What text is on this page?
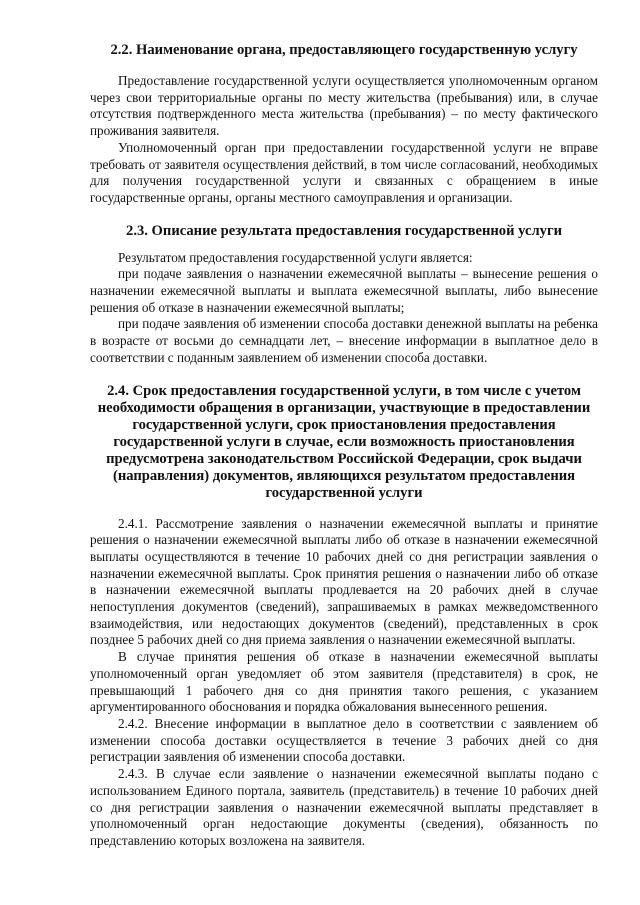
2.2. Наименование органа, предоставляющего государственную услугу

Предоставление государственной услуги осуществляется уполномоченным органом через свои территориальные органы по месту жительства (пребывания) или, в случае отсутствия подтвержденного места жительства (пребывания) – по месту фактического проживания заявителя.

Уполномоченный орган при предоставлении государственной услуги не вправе требовать от заявителя осуществления действий, в том числе согласований, необходимых для получения государственной услуги и связанных с обращением в иные государственные органы, органы местного самоуправления и организации.

2.3. Описание результата предоставления государственной услуги

Результатом предоставления государственной услуги является:

при подаче заявления о назначении ежемесячной выплаты – вынесение решения о назначении ежемесячной выплаты и выплата ежемесячной выплаты, либо вынесение решения об отказе в назначении ежемесячной выплаты;

при подаче заявления об изменении способа доставки денежной выплаты на ребенка в возрасте от восьми до семнадцати лет, – внесение информации в выплатное дело в соответствии с поданным заявлением об изменении способа доставки.

2.4. Срок предоставления государственной услуги, в том числе с учетом необходимости обращения в организации, участвующие в предоставлении государственной услуги, срок приостановления предоставления государственной услуги в случае, если возможность приостановления предусмотрена законодательством Российской Федерации, срок выдачи (направления) документов, являющихся результатом предоставления государственной услуги

2.4.1. Рассмотрение заявления о назначении ежемесячной выплаты и принятие решения о назначении ежемесячной выплаты либо об отказе в назначении ежемесячной выплаты осуществляются в течение 10 рабочих дней со дня регистрации заявления о назначении ежемесячной выплаты. Срок принятия решения о назначении либо об отказе в назначении ежемесячной выплаты продлевается на 20 рабочих дней в случае непоступления документов (сведений), запрашиваемых в рамках межведомственного взаимодействия, или недостающих документов (сведений), представленных в срок позднее 5 рабочих дней со дня приема заявления о назначении ежемесячной выплаты.

В случае принятия решения об отказе в назначении ежемесячной выплаты уполномоченный орган уведомляет об этом заявителя (представителя) в срок, не превышающий 1 рабочего дня со дня принятия такого решения, с указанием аргументированного обоснования и порядка обжалования вынесенного решения.

2.4.2. Внесение информации в выплатное дело в соответствии с заявлением об изменении способа доставки осуществляется в течение 3 рабочих дней со дня регистрации заявления об изменении способа доставки.

2.4.3. В случае если заявление о назначении ежемесячной выплаты подано с использованием Единого портала, заявитель (представитель) в течение 10 рабочих дней со дня регистрации заявления о назначении ежемесячной выплаты представляет в уполномоченный орган недостающие документы (сведения), обязанность по представлению которых возложена на заявителя.
